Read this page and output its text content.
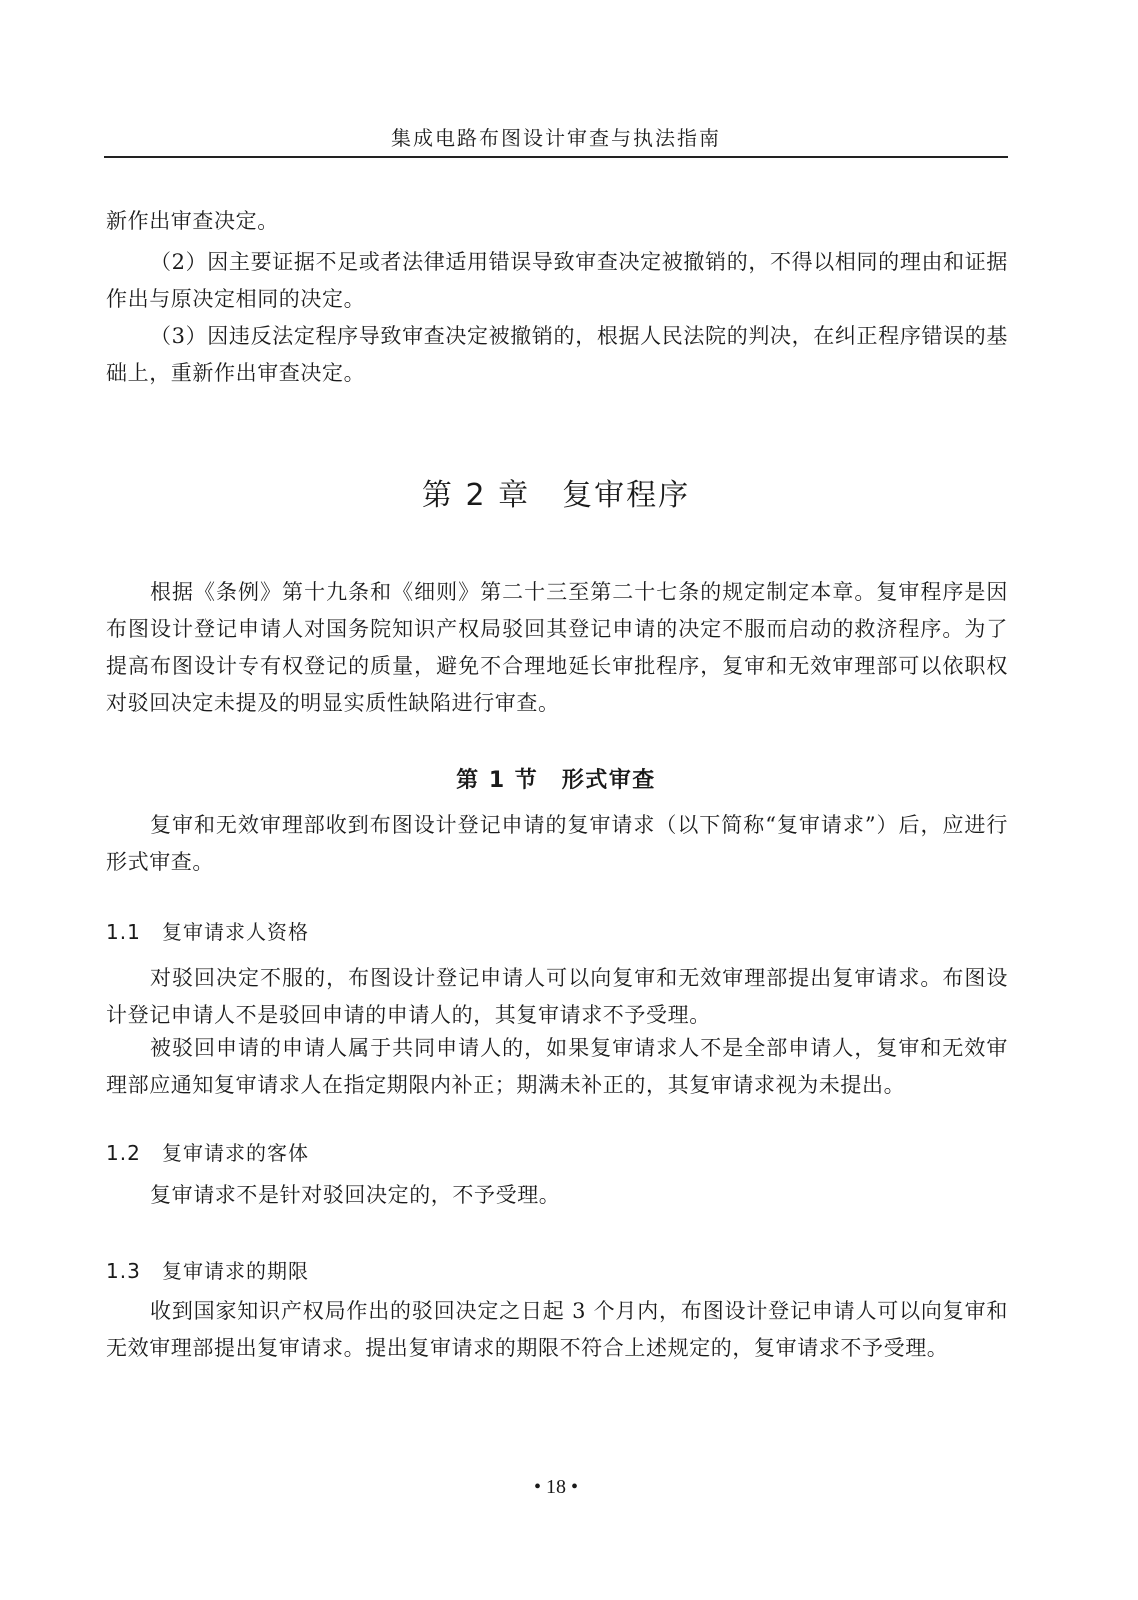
集成电路布图设计审查与执法指南

新作出审查决定。

（2）因主要证据不足或者法律适用错误导致审查决定被撤销的，不得以相同的理由和证据作出与原决定相同的决定。

（3）因违反法定程序导致审查决定被撤销的，根据人民法院的判决，在纠正程序错误的基础上，重新作出审查决定。

第 2 章　复审程序

根据《条例》第十九条和《细则》第二十三至第二十七条的规定制定本章。复审程序是因布图设计登记申请人对国务院知识产权局驳回其登记申请的决定不服而启动的救济程序。为了提高布图设计专有权登记的质量，避免不合理地延长审批程序，复审和无效审理部可以依职权对驳回决定未提及的明显实质性缺陷进行审查。

第 1 节　形式审查

复审和无效审理部收到布图设计登记申请的复审请求（以下简称“复审请求”）后，应进行形式审查。

1.1 复审请求人资格

对驳回决定不服的，布图设计登记申请人可以向复审和无效审理部提出复审请求。布图设计登记申请人不是驳回申请的申请人的，其复审请求不予受理。

被驳回申请的申请人属于共同申请人的，如果复审请求人不是全部申请人，复审和无效审理部应通知复审请求人在指定期限内补正；期满未补正的，其复审请求视为未提出。

1.2 复审请求的客体

复审请求不是针对驳回决定的，不予受理。

1.3 复审请求的期限

收到国家知识产权局作出的驳回决定之日起 3 个月内，布图设计登记申请人可以向复审和无效审理部提出复审请求。提出复审请求的期限不符合上述规定的，复审请求不予受理。

• 18 •
